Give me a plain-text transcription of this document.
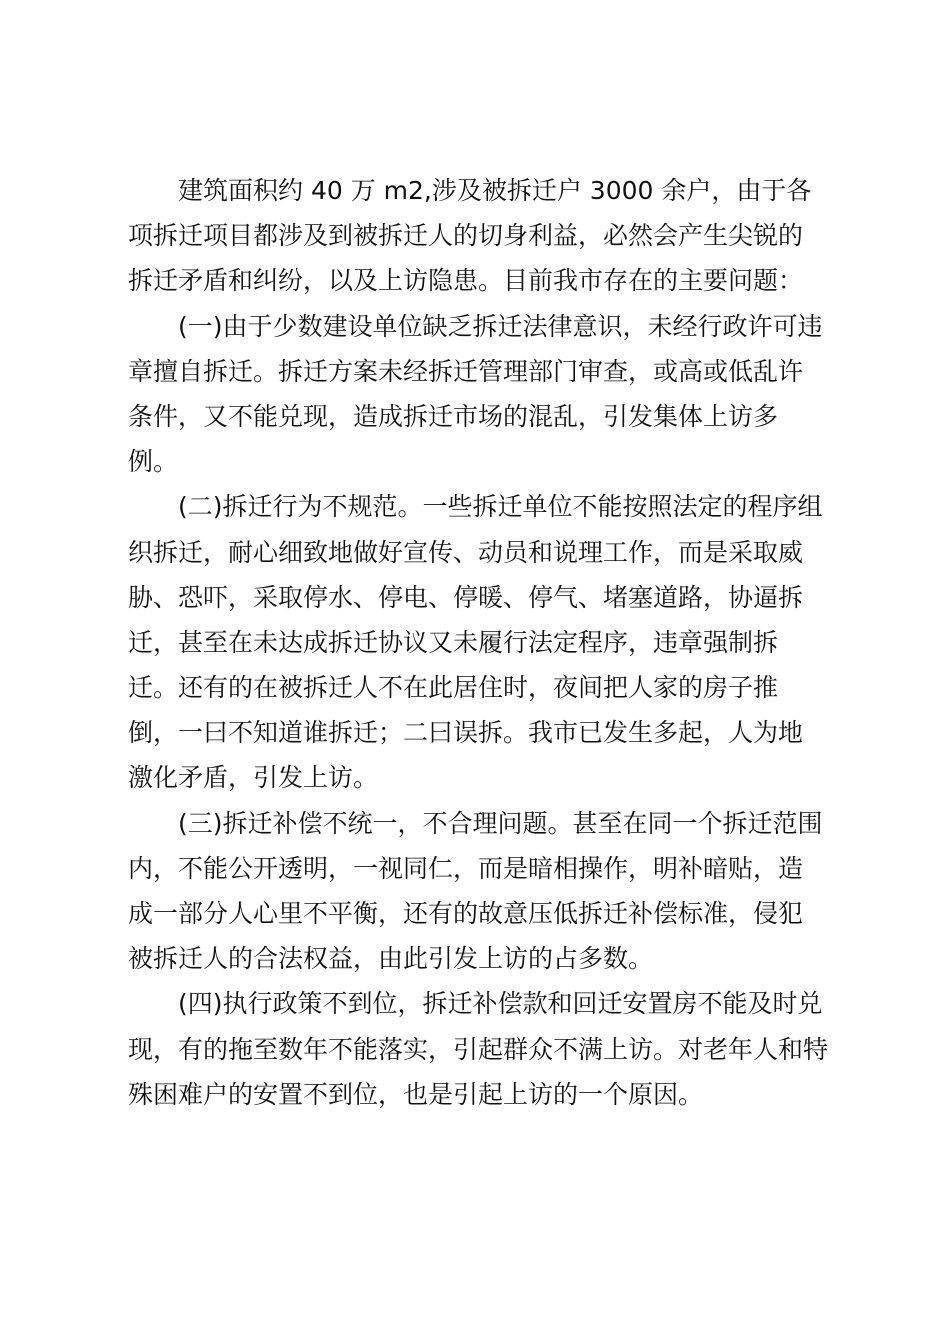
建筑面积约 40 万 m2,涉及被拆迁户 3000 余户，由于各
项拆迁项目都涉及到被拆迁人的切身利益，必然会产生尖锐的
拆迁矛盾和纠纷，以及上访隐患。目前我市存在的主要问题：
(一)由于少数建设单位缺乏拆迁法律意识，未经行政许可违
章擅自拆迁。拆迁方案未经拆迁管理部门审查，或高或低乱许
条件，又不能兑现，造成拆迁市场的混乱，引发集体上访多
例。
(二)拆迁行为不规范。一些拆迁单位不能按照法定的程序组
织拆迁，耐心细致地做好宣传、动员和说理工作，而是采取威
胁、恐吓，采取停水、停电、停暖、停气、堵塞道路，协逼拆
迁，甚至在未达成拆迁协议又未履行法定程序，违章强制拆
迁。还有的在被拆迁人不在此居住时，夜间把人家的房子推
倒，一曰不知道谁拆迁；二曰误拆。我市已发生多起，人为地
激化矛盾，引发上访。
(三)拆迁补偿不统一，不合理问题。甚至在同一个拆迁范围
内，不能公开透明，一视同仁，而是暗相操作，明补暗贴，造
成一部分人心里不平衡，还有的故意压低拆迁补偿标准，侵犯
被拆迁人的合法权益，由此引发上访的占多数。
(四)执行政策不到位，拆迁补偿款和回迁安置房不能及时兑
现，有的拖至数年不能落实，引起群众不满上访。对老年人和特
殊困难户的安置不到位，也是引起上访的一个原因。
